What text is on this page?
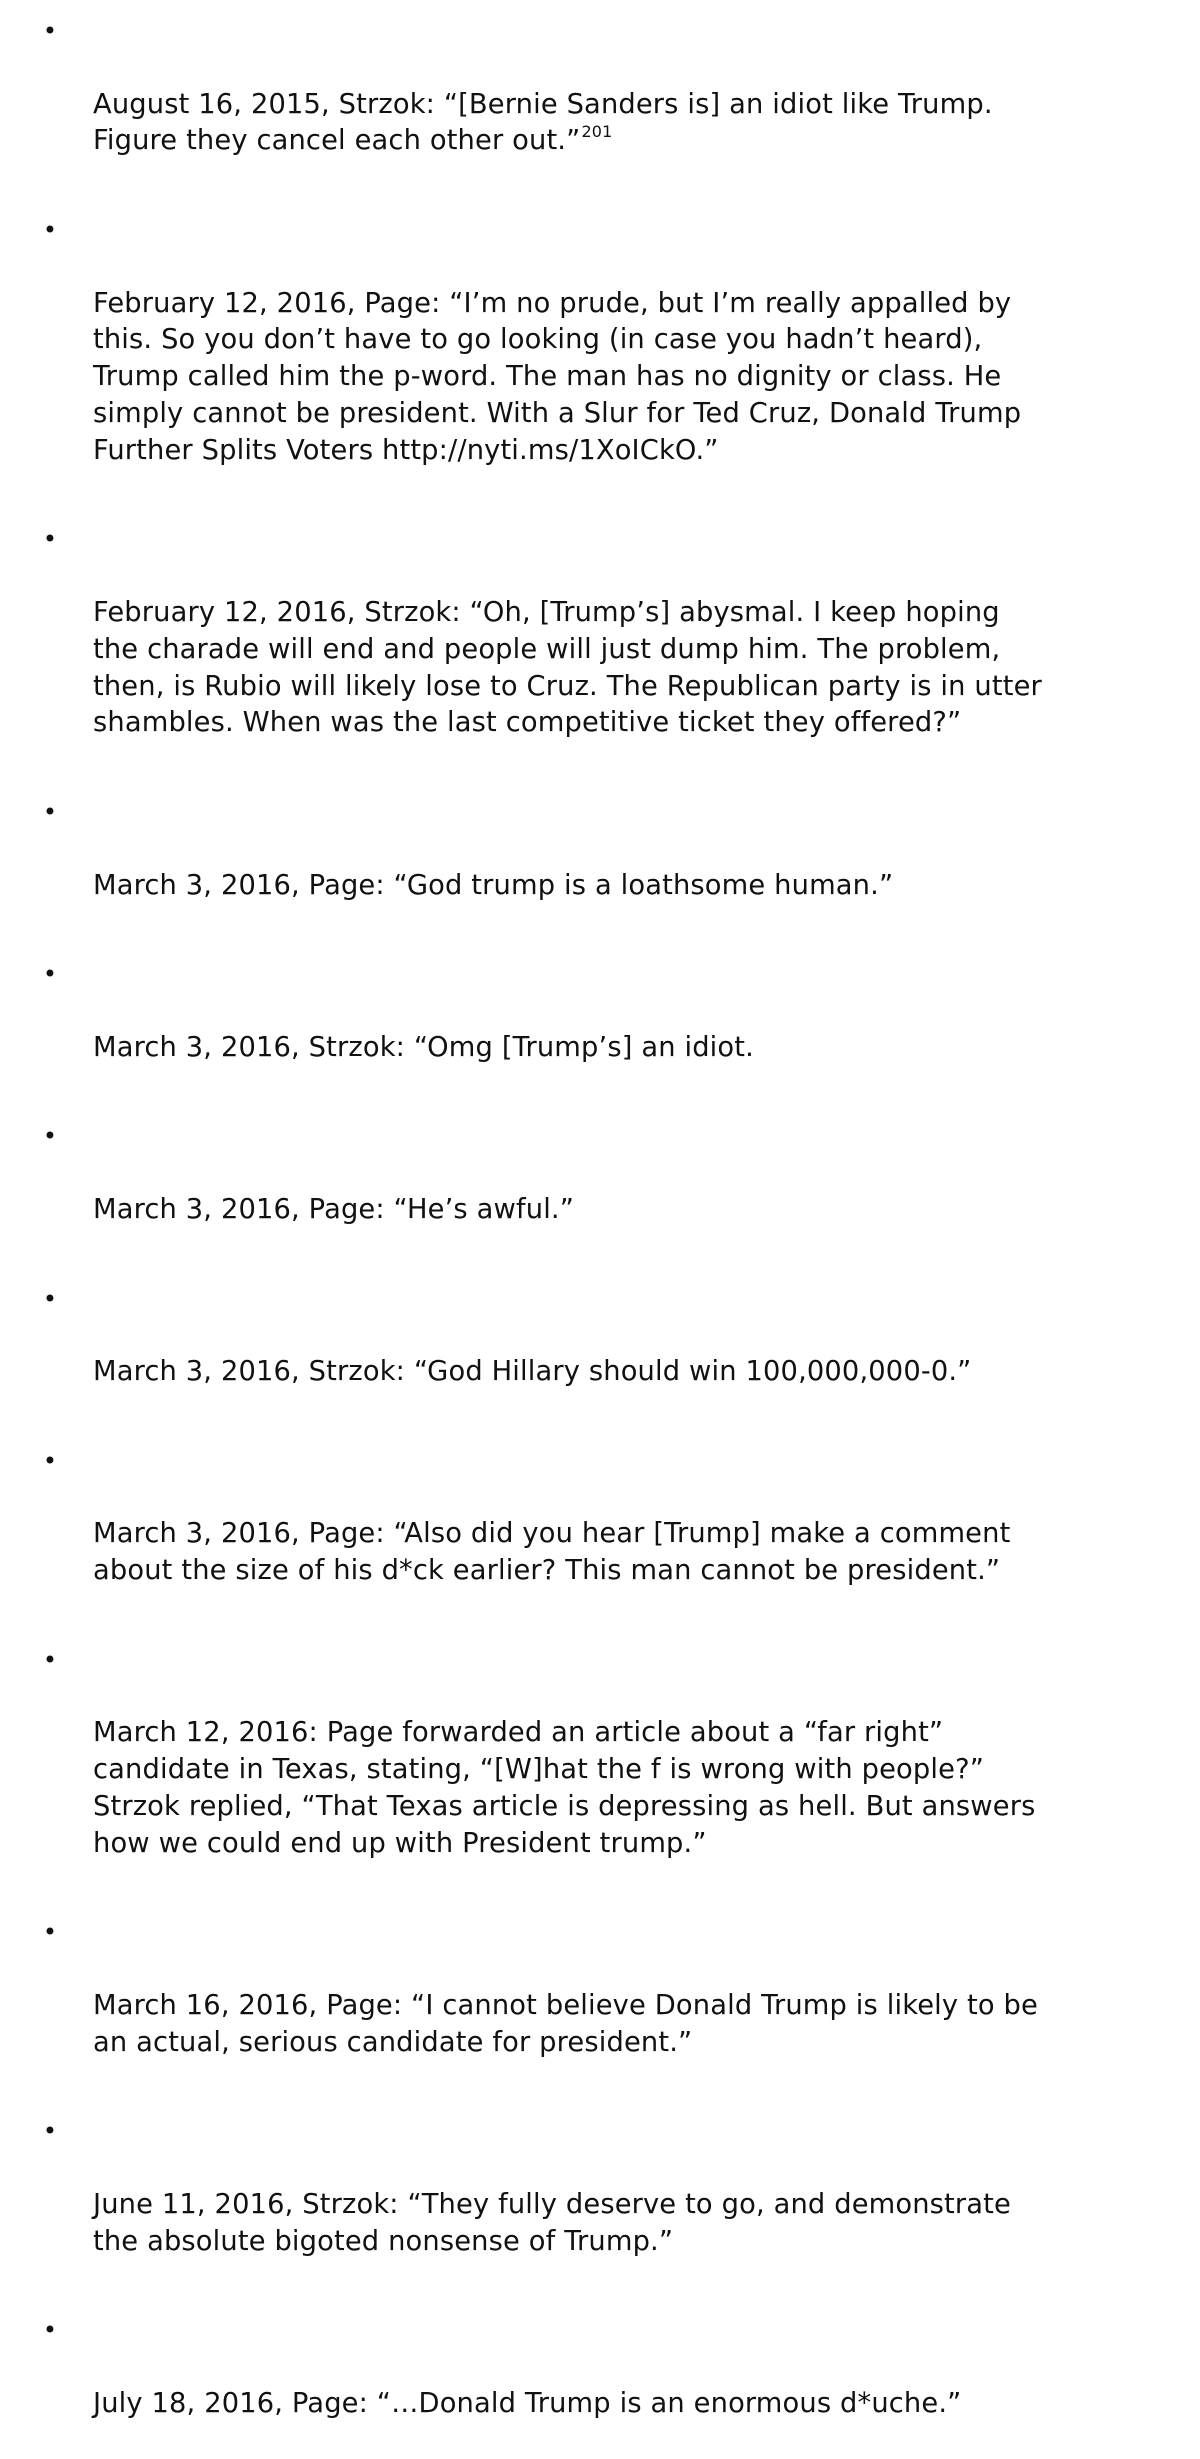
•

August 16, 2015, Strzok: “[Bernie Sanders is] an idiot like Trump.
Figure they cancel each other out.”$^{201}$

•

February 12, 2016, Page: “I’m no prude, but I’m really appalled by
this. So you don’t have to go looking (in case you hadn’t heard),
Trump called him the p-word. The man has no dignity or class. He
simply cannot be president. With a Slur for Ted Cruz, Donald Trump
Further Splits Voters http://nyti.ms/1XoICkO.”

•

February 12, 2016, Strzok: “Oh, [Trump’s] abysmal. I keep hoping
the charade will end and people will just dump him. The problem,
then, is Rubio will likely lose to Cruz. The Republican party is in utter
shambles. When was the last competitive ticket they offered?”

•

March 3, 2016, Page: “God trump is a loathsome human.”

•

March 3, 2016, Strzok: “Omg [Trump’s] an idiot.

•

March 3, 2016, Page: “He’s awful.”

•

March 3, 2016, Strzok: “God Hillary should win 100,000,000-0.”

•

March 3, 2016, Page: “Also did you hear [Trump] make a comment
about the size of his d*ck earlier? This man cannot be president.”

•

March 12, 2016: Page forwarded an article about a “far right”
candidate in Texas, stating, “[W]hat the f is wrong with people?”
Strzok replied, “That Texas article is depressing as hell. But answers
how we could end up with President trump.”

•

March 16, 2016, Page: “I cannot believe Donald Trump is likely to be
an actual, serious candidate for president.”

•

June 11, 2016, Strzok: “They fully deserve to go, and demonstrate
the absolute bigoted nonsense of Trump.”

•

July 18, 2016, Page: “…Donald Trump is an enormous d*uche.”
